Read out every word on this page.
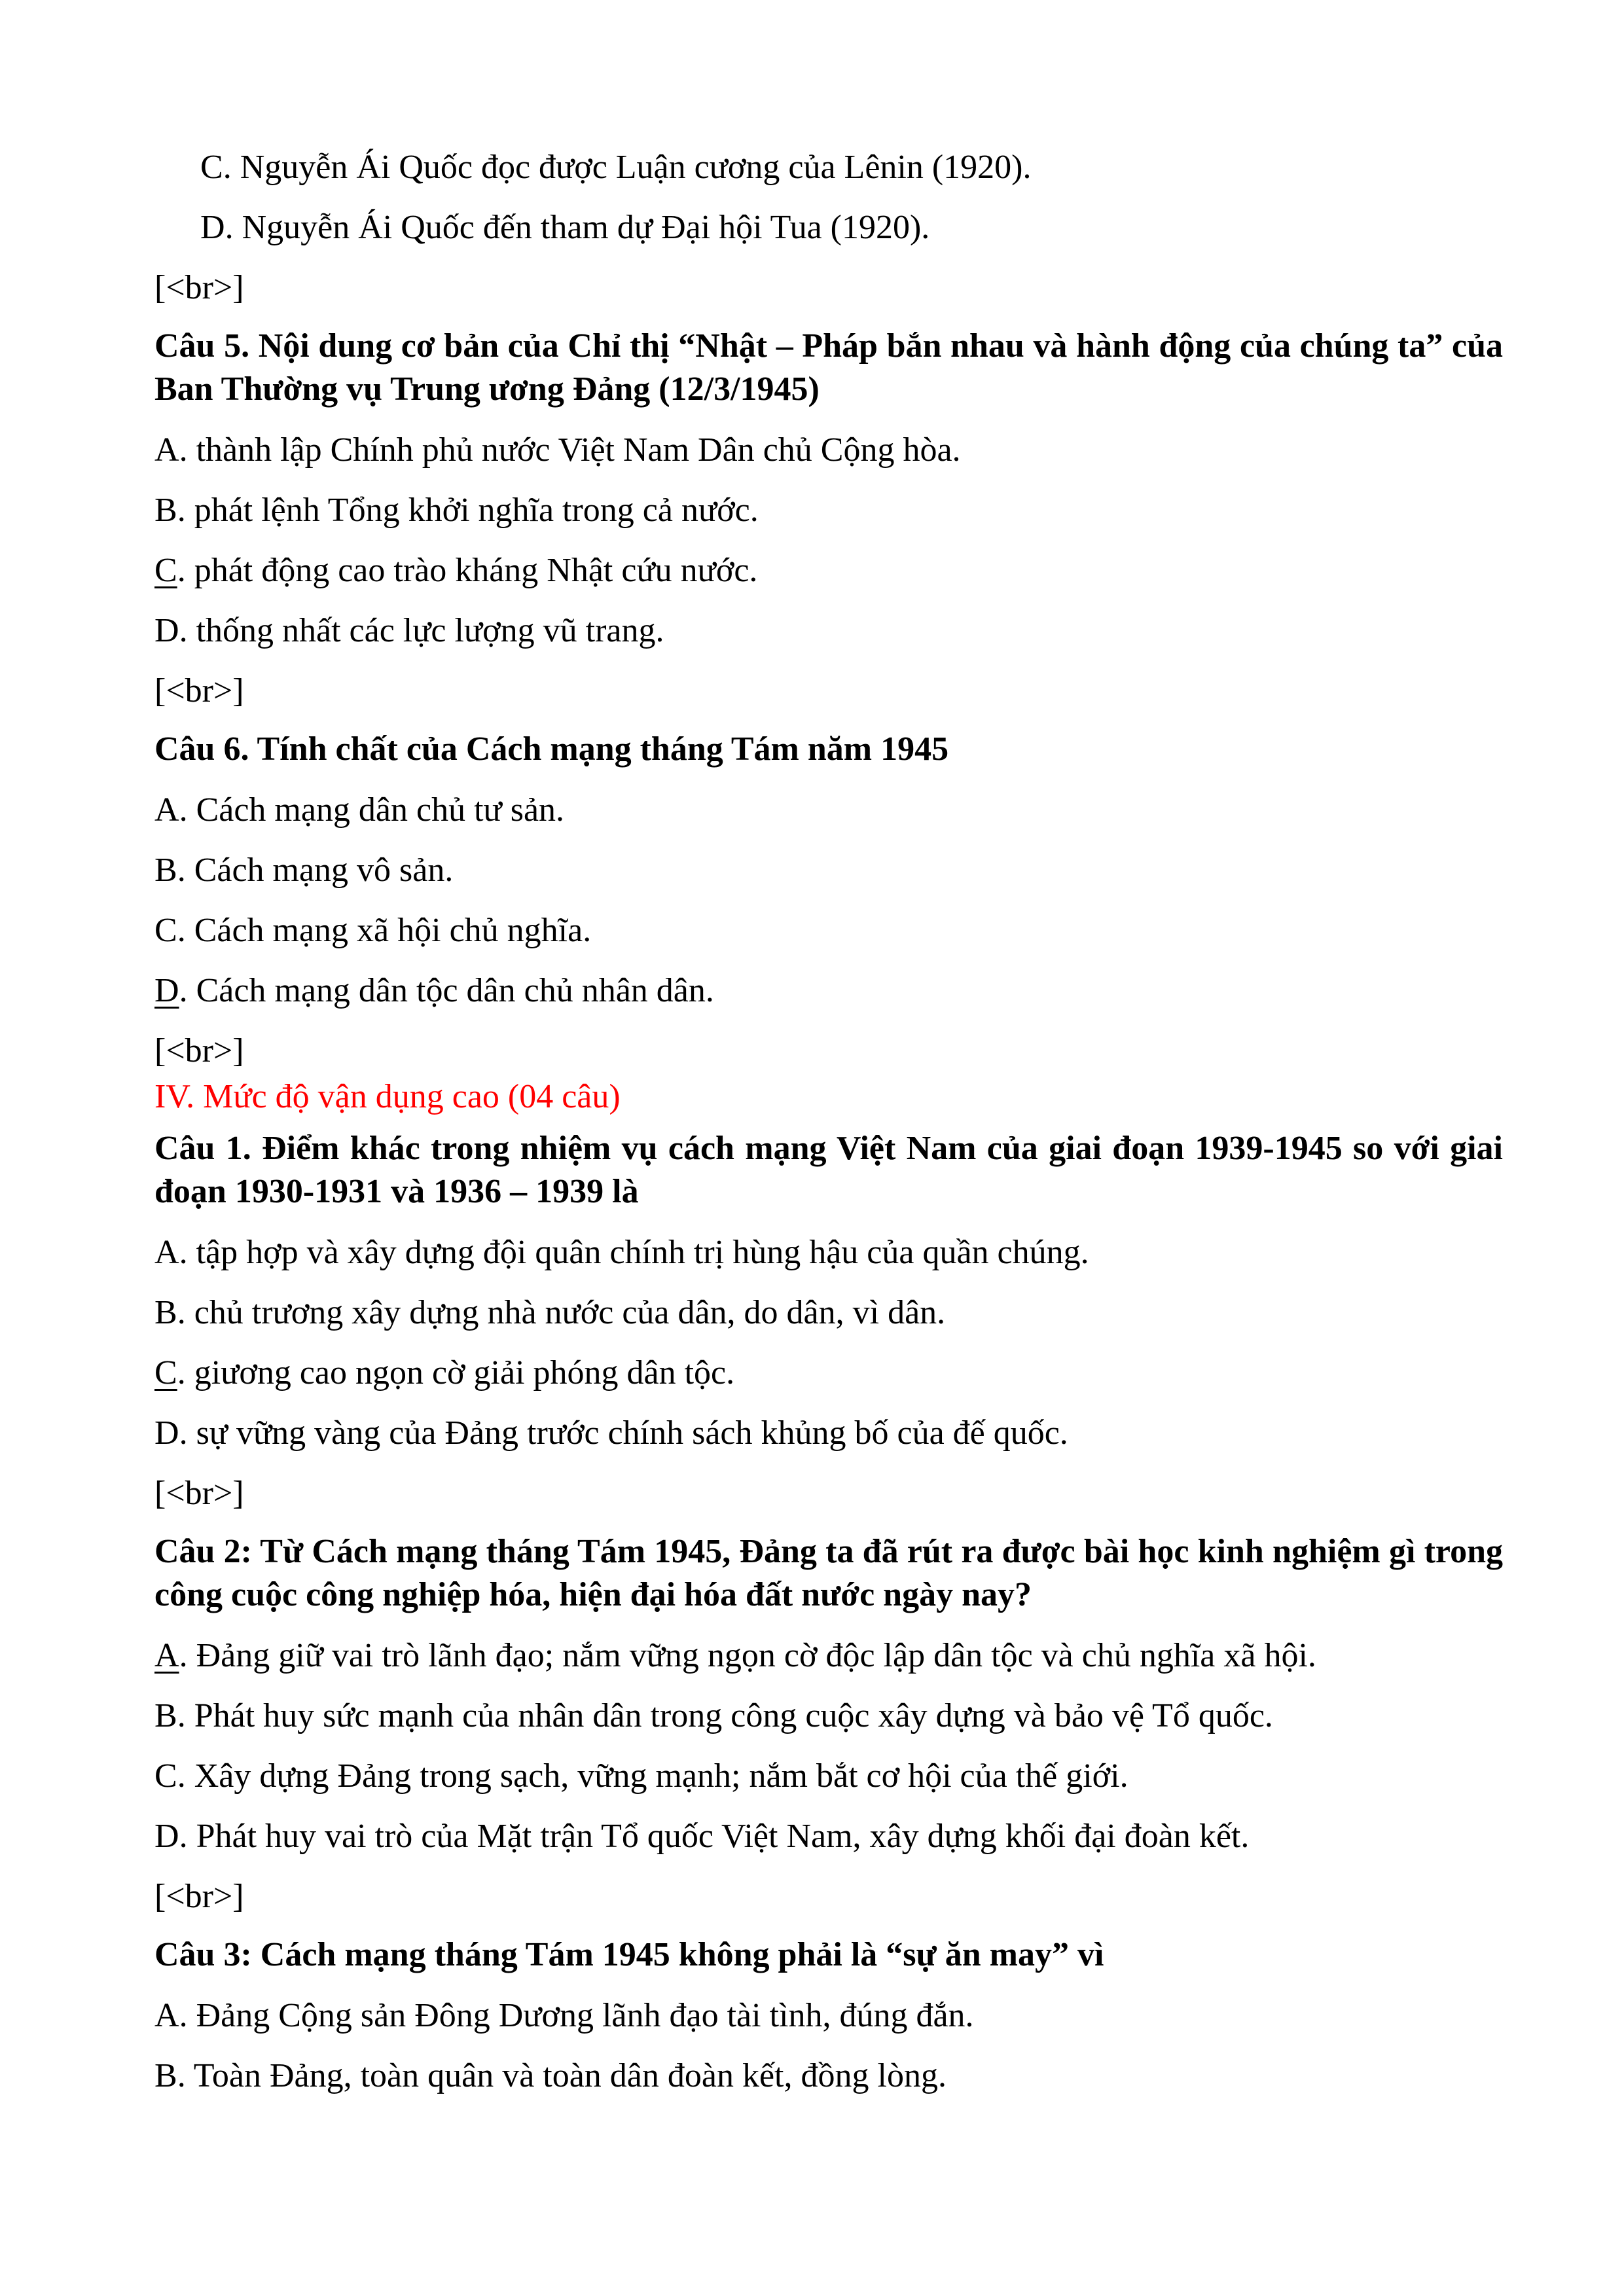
C. Nguyễn Ái Quốc đọc được Luận cương của Lênin (1920).

D. Nguyễn Ái Quốc đến tham dự Đại hội Tua (1920).

[<br>]

Câu 5. Nội dung cơ bản của Chỉ thị “Nhật – Pháp bắn nhau và hành động của chúng ta” của Ban Thường vụ Trung ương Đảng (12/3/1945)

A. thành lập Chính phủ nước Việt Nam Dân chủ Cộng hòa.

B. phát lệnh Tổng khởi nghĩa trong cả nước.

C. phát động cao trào kháng Nhật cứu nước.

D. thống nhất các lực lượng vũ trang.

[<br>]

Câu 6. Tính chất của Cách mạng tháng Tám năm 1945

A. Cách mạng dân chủ tư sản.

B. Cách mạng vô sản.

C. Cách mạng xã hội chủ nghĩa.

D. Cách mạng dân tộc dân chủ nhân dân.

[<br>]

IV. Mức độ vận dụng cao (04 câu)

Câu 1. Điểm khác trong nhiệm vụ cách mạng Việt Nam của giai đoạn 1939-1945 so với giai đoạn 1930-1931 và 1936 – 1939 là

A. tập hợp và xây dựng đội quân chính trị hùng hậu của quần chúng.

B. chủ trương xây dựng nhà nước của dân, do dân, vì dân.

C. giương cao ngọn cờ giải phóng dân tộc.

D. sự vững vàng của Đảng trước chính sách khủng bố của đế quốc.

[<br>]

Câu 2: Từ Cách mạng tháng Tám 1945, Đảng ta đã rút ra được bài học kinh nghiệm gì trong công cuộc công nghiệp hóa, hiện đại hóa đất nước ngày nay?

A. Đảng giữ vai trò lãnh đạo; nắm vững ngọn cờ độc lập dân tộc và chủ nghĩa xã hội.

B. Phát huy sức mạnh của nhân dân trong công cuộc xây dựng và bảo vệ Tổ quốc.

C. Xây dựng Đảng trong sạch, vững mạnh; nắm bắt cơ hội của thế giới.

D. Phát huy vai trò của Mặt trận Tổ quốc Việt Nam, xây dựng khối đại đoàn kết.

[<br>]

Câu 3: Cách mạng tháng Tám 1945 không phải là “sự ăn may” vì

A. Đảng Cộng sản Đông Dương lãnh đạo tài tình, đúng đắn.

B. Toàn Đảng, toàn quân và toàn dân đoàn kết, đồng lòng.
